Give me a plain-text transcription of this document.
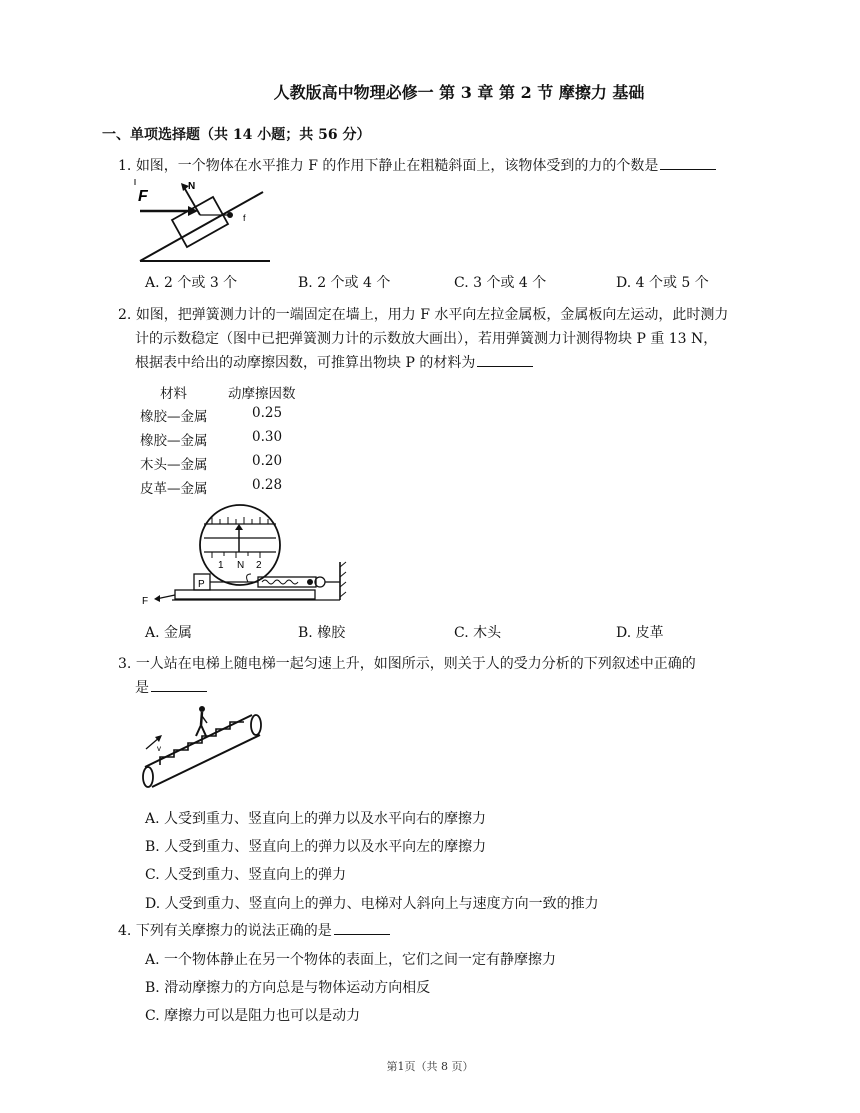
人教版高中物理必修一 第 3 章 第 2 节 摩擦力 基础
一、单项选择题（共 14 小题；共 56 分）
1. 如图，一个物体在水平推力 F 的作用下静止在粗糙斜面上，该物体受到的力的个数是
F
N
f
A. 2 个或 3 个	B. 2 个或 4 个	C. 3 个或 4 个	D. 4 个或 5 个
2. 如图，把弹簧测力计的一端固定在墙上，用力 F 水平向左拉金属板，金属板向左运动，此时测力
计的示数稳定（图中已把弹簧测力计的示数放大画出），若用弹簧测力计测得物块 P 重 13 N，
根据表中给出的动摩擦因数，可推算出物块 P 的材料为
材料	动摩擦因数
橡胶—金属	0.25
橡胶—金属	0.30
木头—金属	0.20
皮革—金属	0.28
1 N 2
P
F
A. 金属	B. 橡胶	C. 木头	D. 皮革
3. 一人站在电梯上随电梯一起匀速上升，如图所示，则关于人的受力分析的下列叙述中正确的
是
v
A. 人受到重力、竖直向上的弹力以及水平向右的摩擦力
B. 人受到重力、竖直向上的弹力以及水平向左的摩擦力
C. 人受到重力、竖直向上的弹力
D. 人受到重力、竖直向上的弹力、电梯对人斜向上与速度方向一致的推力
4. 下列有关摩擦力的说法正确的是
A. 一个物体静止在另一个物体的表面上，它们之间一定有静摩擦力
B. 滑动摩擦力的方向总是与物体运动方向相反
C. 摩擦力可以是阻力也可以是动力
第1页（共 8 页）
